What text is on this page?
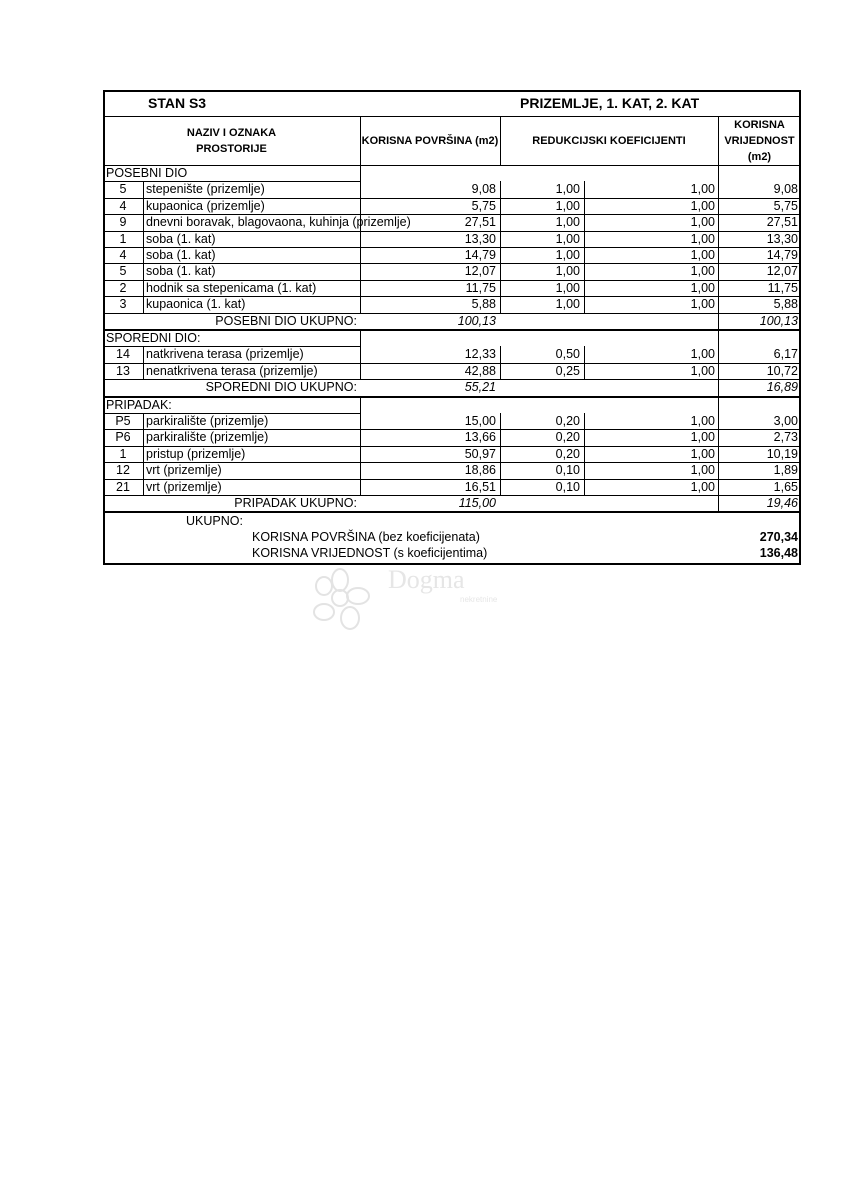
STAN S3	PRIZEMLJE, 1. KAT, 2. KAT
NAZIV I OZNAKA
PROSTORIJE
KORISNA POVRŠINA (m2)	REDUKCIJSKI KOEFICIJENTI
KORISNA
VRIJEDNOST
(m2)
POSEBNI DIO
5	stepenište (prizemlje)	9,08	1,00	1,00	9,08
4	kupaonica (prizemlje)	5,75	1,00	1,00	5,75
9	dnevni boravak, blagovaona, kuhinja (prizemlje)	27,51	1,00	1,00	27,51
1	soba (1. kat)	13,30	1,00	1,00	13,30
4	soba (1. kat)	14,79	1,00	1,00	14,79
5	soba (1. kat)	12,07	1,00	1,00	12,07
2	hodnik sa stepenicama (1. kat)	11,75	1,00	1,00	11,75
3	kupaonica (1. kat)	5,88	1,00	1,00	5,88
POSEBNI DIO UKUPNO:	100,13	100,13
SPOREDNI DIO:
14	natkrivena terasa (prizemlje)	12,33	0,50	1,00	6,17
13	nenatkrivena terasa (prizemlje)	42,88	0,25	1,00	10,72
SPOREDNI DIO UKUPNO:	55,21	16,89
PRIPADAK:
P5	parkiralište (prizemlje)	15,00	0,20	1,00	3,00
P6	parkiralište (prizemlje)	13,66	0,20	1,00	2,73
1	pristup (prizemlje)	50,97	0,20	1,00	10,19
12	vrt (prizemlje)	18,86	0,10	1,00	1,89
21	vrt (prizemlje)	16,51	0,10	1,00	1,65
PRIPADAK UKUPNO:	115,00	19,46
UKUPNO:
KORISNA POVRŠINA (bez koeficijenata)	270,34
KORISNA VRIJEDNOST (s koeficijentima)	136,48
Dogma
nekretnine
